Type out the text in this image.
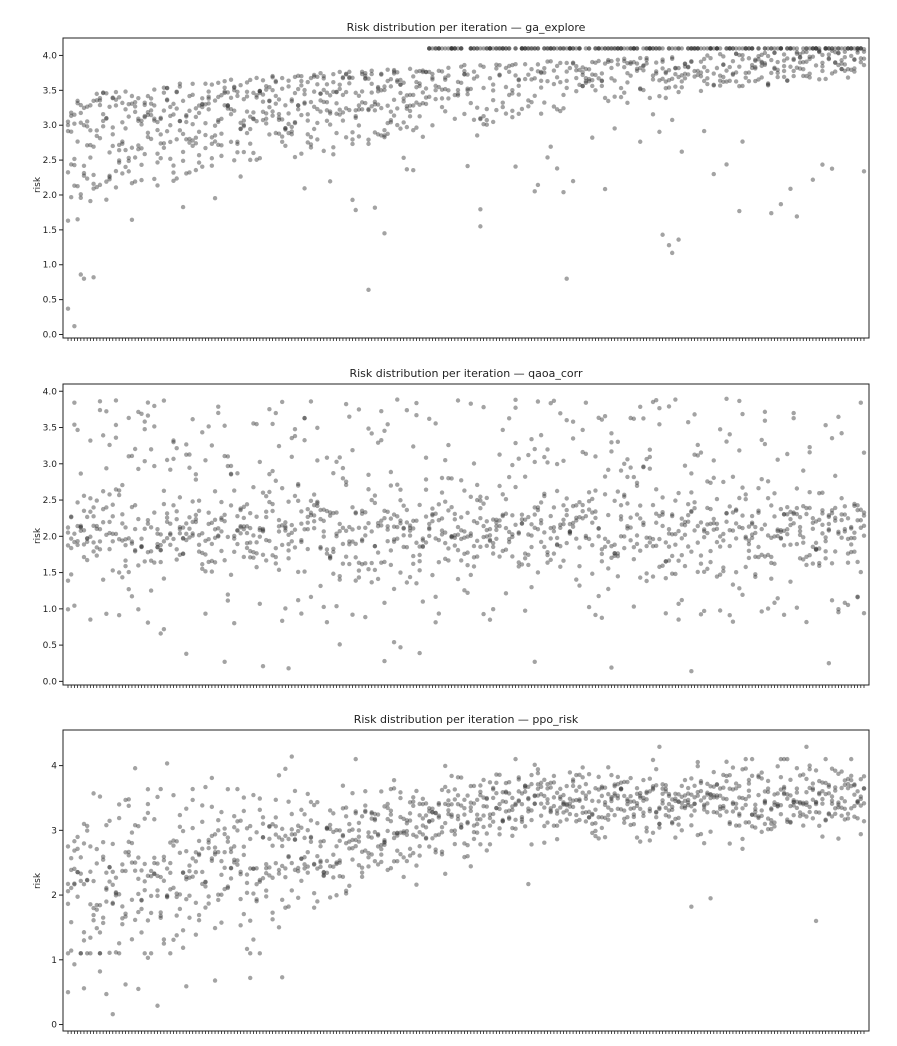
Risk distribution per iteration — ga_explore
risk
0.0
0.5
1.0
1.5
2.0
2.5
3.0
3.5
4.0
Risk distribution per iteration — qaoa_corr
risk
0.0
0.5
1.0
1.5
2.0
2.5
3.0
3.5
4.0
Risk distribution per iteration — ppo_risk
risk
0
1
2
3
4
